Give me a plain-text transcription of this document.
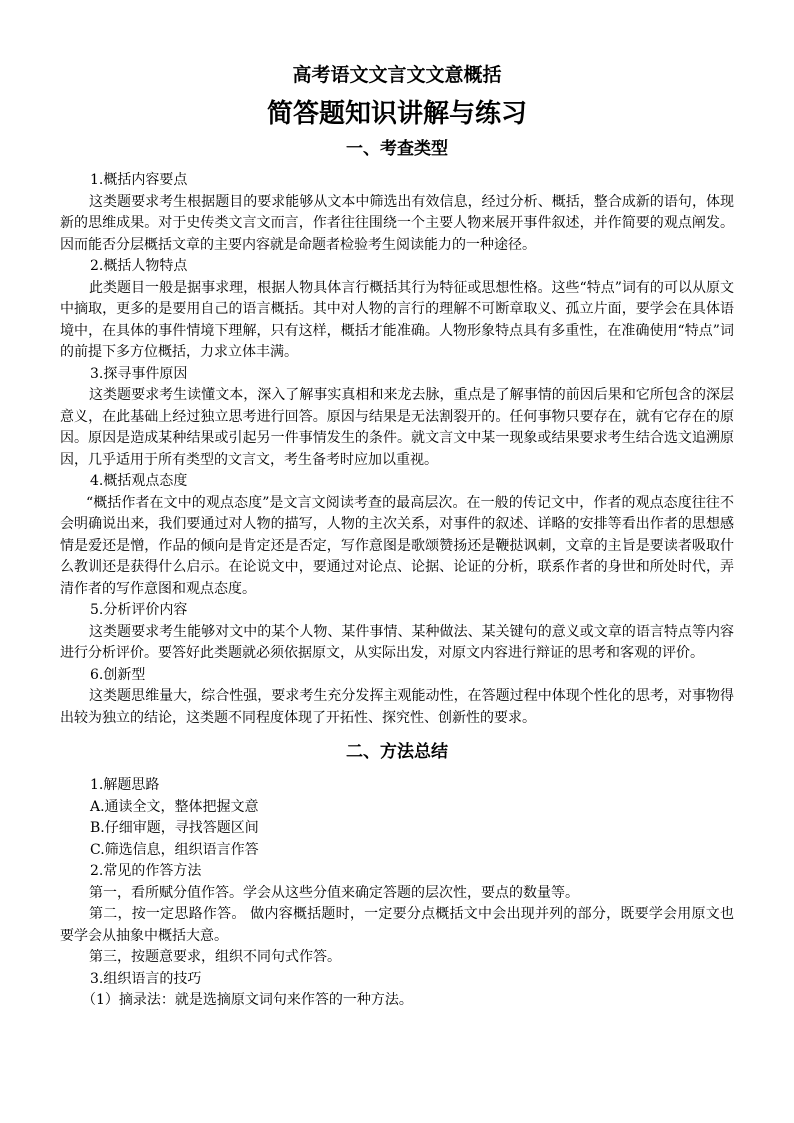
高考语文文言文文意概括
简答题知识讲解与练习
一、考查类型

1.概括内容要点

这类题要求考生根据题目的要求能够从文本中筛选出有效信息，经过分析、概括，整合成新的语句，体现新的思维成果。对于史传类文言文而言，作者往往围绕一个主要人物来展开事件叙述，并作简要的观点阐发。因而能否分层概括文章的主要内容就是命题者检验考生阅读能力的一种途径。

2.概括人物特点

此类题目一般是据事求理，根据人物具体言行概括其行为特征或思想性格。这些“特点”词有的可以从原文中摘取，更多的是要用自己的语言概括。其中对人物的言行的理解不可断章取义、孤立片面，要学会在具体语境中，在具体的事件情境下理解，只有这样，概括才能准确。人物形象特点具有多重性，在准确使用“特点”词的前提下多方位概括，力求立体丰满。

3.探寻事件原因

这类题要求考生读懂文本，深入了解事实真相和来龙去脉，重点是了解事情的前因后果和它所包含的深层意义，在此基础上经过独立思考进行回答。原因与结果是无法割裂开的。任何事物只要存在，就有它存在的原因。原因是造成某种结果或引起另一件事情发生的条件。就文言文中某一现象或结果要求考生结合选文追溯原因，几乎适用于所有类型的文言文，考生备考时应加以重视。

4.概括观点态度

“概括作者在文中的观点态度”是文言文阅读考查的最高层次。在一般的传记文中，作者的观点态度往往不会明确说出来，我们要通过对人物的描写，人物的主次关系，对事件的叙述、详略的安排等看出作者的思想感情是爱还是憎，作品的倾向是肯定还是否定，写作意图是歌颂赞扬还是鞭挞讽刺，文章的主旨是要读者吸取什么教训还是获得什么启示。在论说文中，要通过对论点、论据、论证的分析，联系作者的身世和所处时代，弄清作者的写作意图和观点态度。

5.分析评价内容

这类题要求考生能够对文中的某个人物、某件事情、某种做法、某关键句的意义或文章的语言特点等内容进行分析评价。要答好此类题就必须依据原文，从实际出发，对原文内容进行辩证的思考和客观的评价。

6.创新型

这类题思维量大，综合性强，要求考生充分发挥主观能动性，在答题过程中体现个性化的思考，对事物得出较为独立的结论，这类题不同程度体现了开拓性、探究性、创新性的要求。

二、方法总结

1.解题思路

A.通读全文，整体把握文意

B.仔细审题，寻找答题区间

C.筛选信息，组织语言作答

2.常见的作答方法

第一，看所赋分值作答。学会从这些分值来确定答题的层次性，要点的数量等。

第二，按一定思路作答。 做内容概括题时，一定要分点概括文中会出现并列的部分，既要学会用原文也要学会从抽象中概括大意。

第三，按题意要求，组织不同句式作答。

3.组织语言的技巧

（1）摘录法：就是选摘原文词句来作答的一种方法。
